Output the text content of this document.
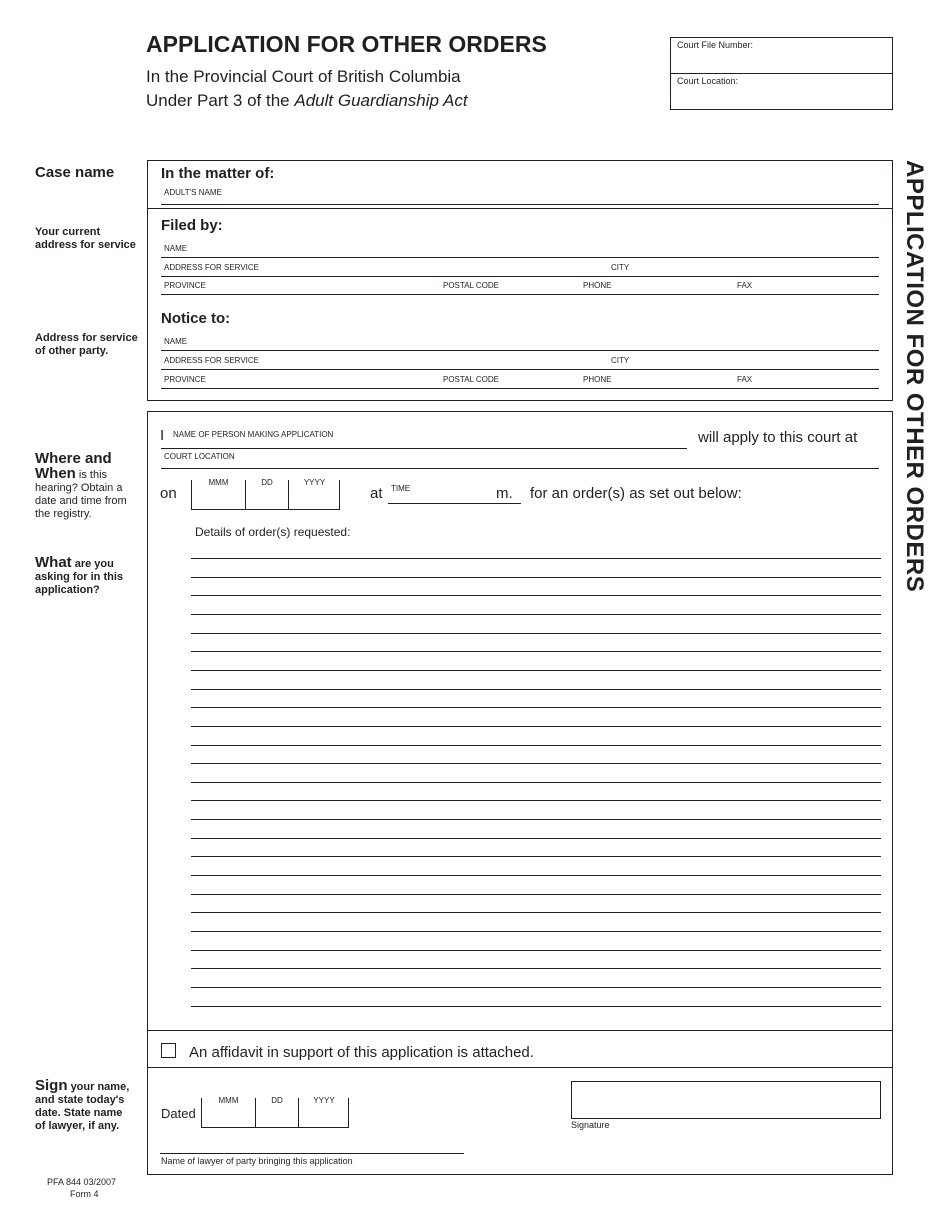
APPLICATION FOR OTHER ORDERS
In the Provincial Court of British Columbia
Under Part 3 of the Adult Guardianship Act
Court File Number:
Court Location:
Case name
Your current address for service
Address for service of other party.
Where and
When is this hearing? Obtain a date and time from the registry.
What are you asking for in this application?
Sign your name, and state today's date. State name of lawyer, if any.
In the matter of:
ADULT'S NAME
Filed by:
NAME
ADDRESS FOR SERVICE	CITY
PROVINCE	POSTAL CODE	PHONE	FAX
Notice to:
NAME
ADDRESS FOR SERVICE	CITY
PROVINCE	POSTAL CODE	PHONE	FAX
I NAME OF PERSON MAKING APPLICATION	will apply to this court at
COURT LOCATION
on
MMM	DD	YYYY
at TIME	m. for an order(s) as set out below:
Details of order(s) requested:
An affidavit in support of this application is attached.
Dated
MMM	DD	YYYY
Signature
Name of lawyer of party bringing this application
APPLICATION FOR OTHER ORDERS
PFA 844 03/2007
Form 4
